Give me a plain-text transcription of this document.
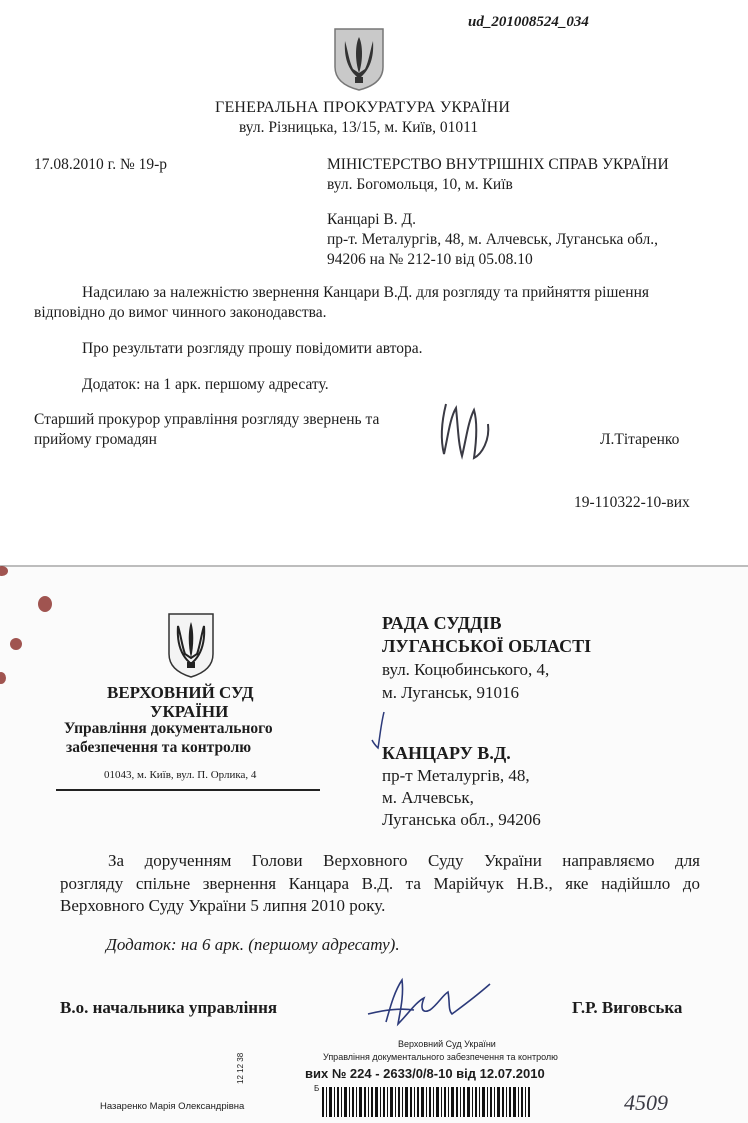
ud_201008524_034
ГЕНЕРАЛЬНА ПРОКУРАТУРА УКРАЇНИ
вул. Різницька, 13/15, м. Київ, 01011
17.08.2010 г. № 19-р	МІНІСТЕРСТВО ВНУТРІШНІХ СПРАВ УКРАЇНИ
вул. Богомольця, 10, м. Київ
Канцарі В. Д.
пр-т. Металургів, 48, м. Алчевськ, Луганська обл.,
94206 на № 212-10 від 05.08.10
Надсилаю за належністю звернення Канцари В.Д. для розгляду та прийняття рішення
відповідно до вимог чинного законодавства.
Про результати розгляду прошу повідомити автора.
Додаток: на 1 арк. першому адресату.
Старший прокурор управління розгляду звернень та
прийому громадян	Л.Тітаренко
19-110322-10-вих
ВЕРХОВНИЙ СУД
УКРАЇНИ
Управління документального
забезпечення та контролю
01043, м. Київ, вул. П. Орлика, 4
РАДА СУДДІВ
ЛУГАНСЬКОЇ ОБЛАСТІ
вул. Коцюбинського, 4,
м. Луганськ, 91016
КАНЦАРУ В.Д.
пр-т Металургів, 48,
м. Алчевськ,
Луганська обл., 94206
За дорученням Голови Верховного Суду України направляємо для
розгляду спільне звернення Канцара В.Д. та Марійчук Н.В., яке надійшло до
Верховного Суду України 5 липня 2010 року.
Додаток: на 6 арк. (першому адресату).
В.о. начальника управління	Г.Р. Виговська
Верховний Суд України
Управління документального забезпечення та контролю
вих № 224 - 2633/0/8-10 від 12.07.2010
Б
Назаренко Марія Олександрівна
12 12 38
4509
